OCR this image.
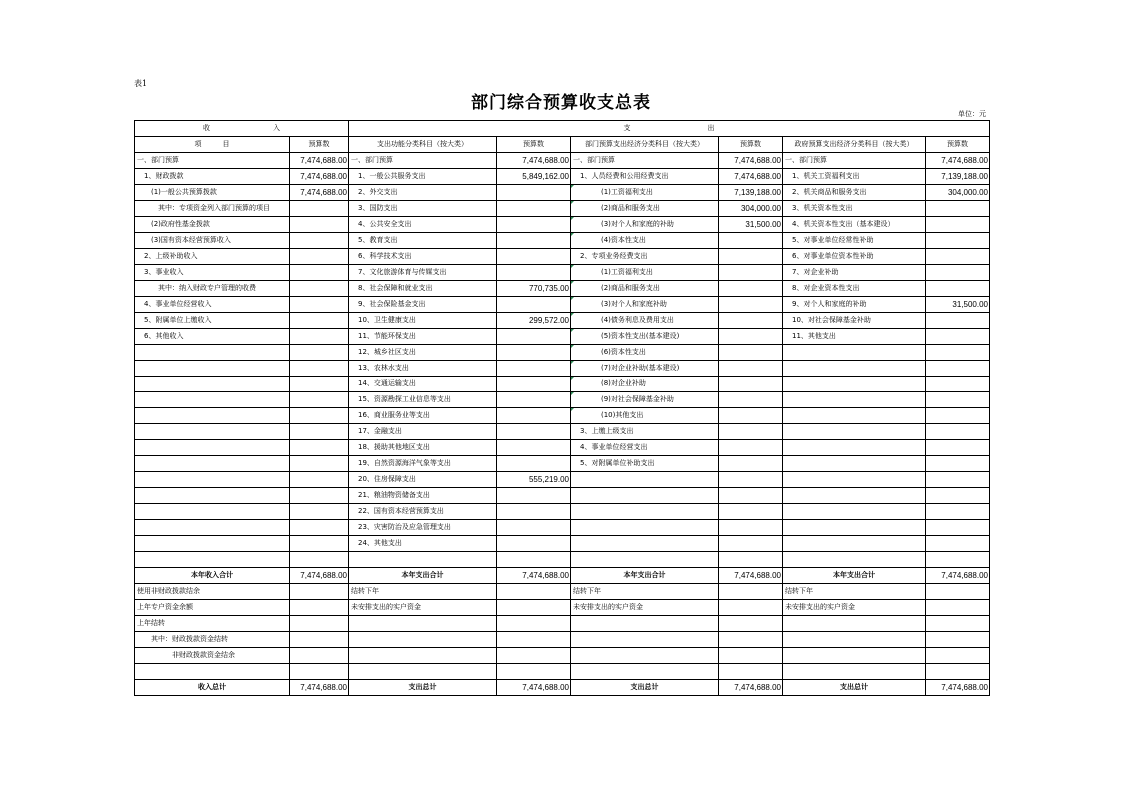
表1
部门综合预算收支总表
单位：元
收　　　　　　　　　入		支　　　　　　　　　　　出					
项　　　目	预算数	支出功能分类科目（按大类）	预算数	部门预算支出经济分类科目（按大类）	预算数	政府预算支出经济分类科目（按大类）	预算数
一、部门预算	7,474,688.00	一、部门预算	7,474,688.00	一、部门预算	7,474,688.00	一、部门预算	7,474,688.00
　1、财政拨款	7,474,688.00	　1、一般公共服务支出	5,849,162.00	　1、人员经费和公用经费支出	7,474,688.00	　1、机关工资福利支出	7,139,188.00
　　(1)一般公共预算拨款	7,474,688.00	　2、外交支出		　　　　(1)工资福利支出	7,139,188.00	　2、机关商品和服务支出	304,000.00
　　　其中：专项资金列入部门预算的项目		　3、国防支出		　　　　(2)商品和服务支出	304,000.00	　3、机关资本性支出	
　　(2)政府性基金拨款		　4、公共安全支出		　　　　(3)对个人和家庭的补助	31,500.00	　4、机关资本性支出（基本建设）	
　　(3)国有资本经营预算收入		　5、教育支出		　　　　(4)资本性支出		　5、对事业单位经常性补助	
　2、上级补助收入		　6、科学技术支出		　2、专项业务经费支出		　6、对事业单位资本性补助	
　3、事业收入		　7、文化旅游体育与传媒支出		　　　　(1)工资福利支出		　7、对企业补助	
　　　其中：纳入财政专户管理的收费		　8、社会保障和就业支出	770,735.00	　　　　(2)商品和服务支出		　8、对企业资本性支出	
　4、事业单位经营收入		　9、社会保险基金支出		　　　　(3)对个人和家庭补助		　9、对个人和家庭的补助	31,500.00
　5、附属单位上缴收入		　10、卫生健康支出	299,572.00	　　　　(4)债务利息及费用支出		　10、对社会保障基金补助	
　6、其他收入		　11、节能环保支出		　　　　(5)资本性支出(基本建设)		　11、其他支出	
		　12、城乡社区支出		　　　　(6)资本性支出			
		　13、农林水支出		　　　　(7)对企业补助(基本建设)			
		　14、交通运输支出		　　　　(8)对企业补助			
		　15、资源勘探工业信息等支出		　　　　(9)对社会保障基金补助			
		　16、商业服务业等支出		　　　　(10)其他支出			
		　17、金融支出		　3、上缴上级支出			
		　18、援助其他地区支出		　4、事业单位经营支出			
		　19、自然资源海洋气象等支出		　5、对附属单位补助支出			
		　20、住房保障支出	555,219.00				
		　21、粮油物资储备支出					
		　22、国有资本经营预算支出					
		　23、灾害防治及应急管理支出					
		　24、其他支出					

本年收入合计	7,474,688.00	本年支出合计	7,474,688.00	本年支出合计	7,474,688.00	本年支出合计	7,474,688.00
使用非财政拨款结余		结转下年		结转下年		结转下年	
上年专户资金余额		未安排支出的实户资金		未安排支出的实户资金		未安排支出的实户资金	
上年结转							
　　其中：财政拨款资金结转							
　　　　　非财政拨款资金结余							

收入总计	7,474,688.00	支出总计	7,474,688.00	支出总计	7,474,688.00	支出总计	7,474,688.00
